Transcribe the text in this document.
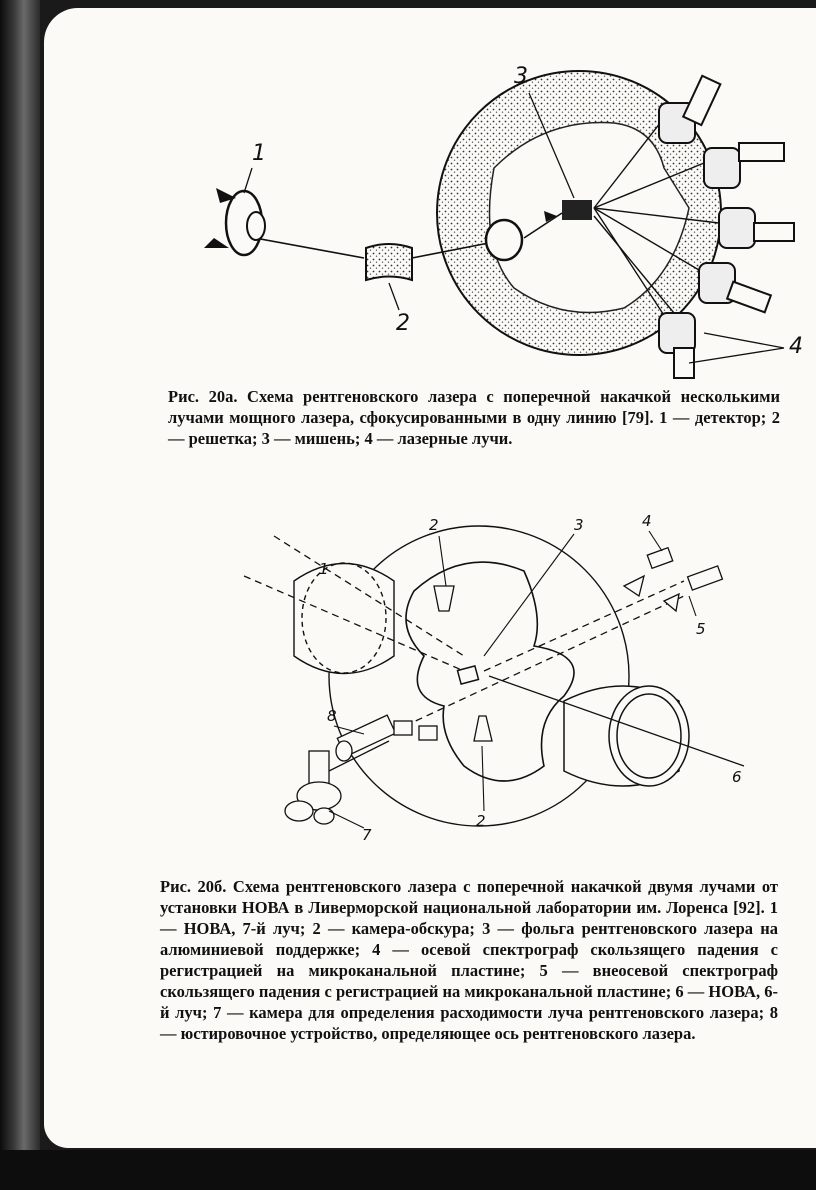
1
2
3
4

Рис. 20а. Схема рентгеновского лазера с поперечной накачкой несколькими лучами мощного лазера, сфокусированными в одну линию [79]. 1 — детектор; 2 — решетка; 3 — мишень; 4 — лазерные лучи.

1
2	3	4
5
6
7
8
2

Рис. 20б. Схема рентгеновского лазера с поперечной накачкой двумя лучами от установки НОВА в Ливерморской национальной лаборатории им. Лоренса [92]. 1 — НОВА, 7-й луч; 2 — камера-обскура; 3 — фольга рентгеновского лазера на алюминиевой поддержке; 4 — осевой спектрограф скользящего падения с регистрацией на микроканальной пластине; 5 — внеосевой спектрограф скользящего падения с регистрацией на микроканальной пластине; 6 — НОВА, 6-й луч; 7 — камера для определения расходимости луча рентгеновского лазера; 8 — юстировочное устройство, определяющее ось рентгеновского лазера.
